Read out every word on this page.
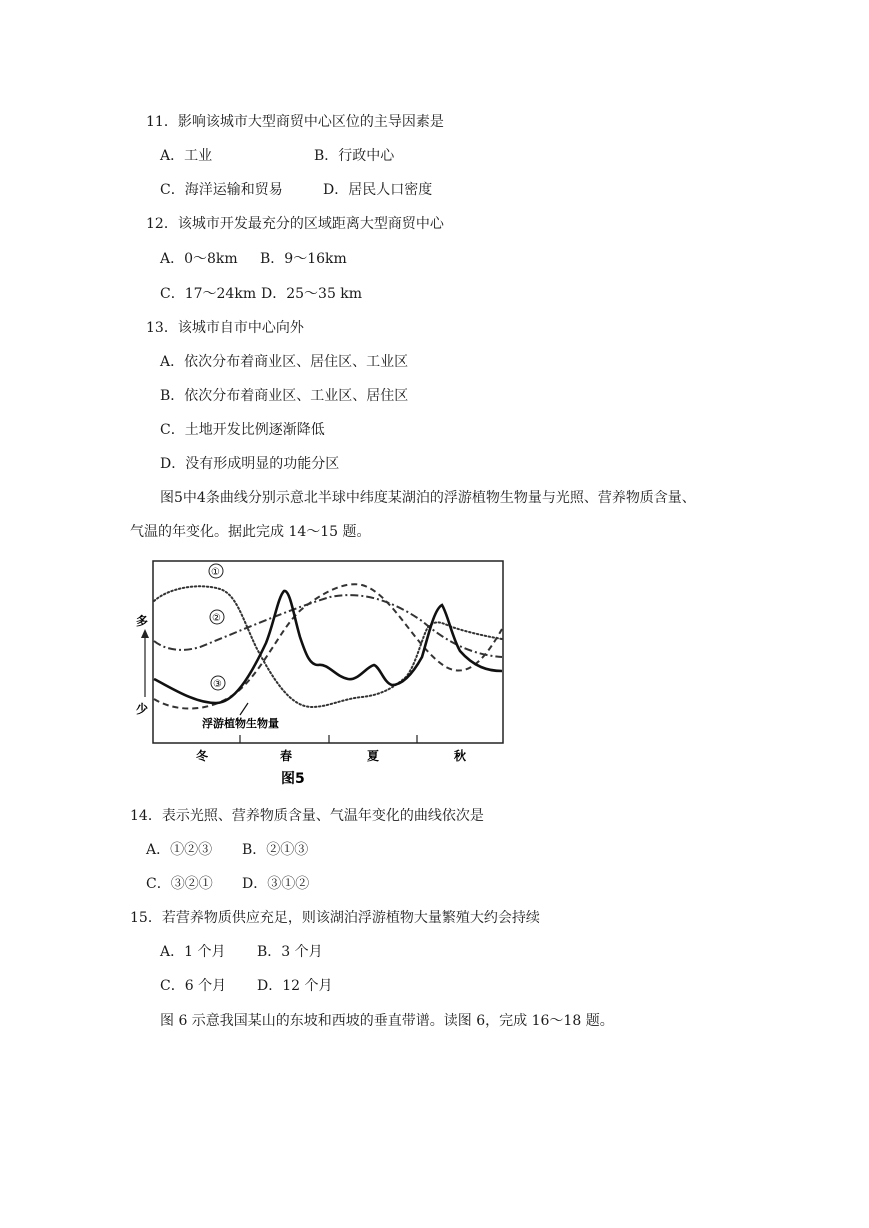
11．影响该城市大型商贸中心区位的主导因素是
A．工业	B．行政中心
C．海洋运输和贸易	D．居民人口密度
12．该城市开发最充分的区域距离大型商贸中心
A．0～8km B．9～16km
C．17～24km D．25～35 km
13．该城市自市中心向外
A．依次分布着商业区、居住区、工业区
B．依次分布着商业区、工业区、居住区
C．土地开发比例逐渐降低
D．没有形成明显的功能分区
图5中4条曲线分别示意北半球中纬度某湖泊的浮游植物生物量与光照、营养物质含量、
气温的年变化。据此完成 14～15 题。
多
少
冬	春	夏	秋
①
②
③
浮游植物生物量
图5
14．表示光照、营养物质含量、气温年变化的曲线依次是
A．①②③ B．②①③
C．③②① D．③①②
15．若营养物质供应充足，则该湖泊浮游植物大量繁殖大约会持续
A．1 个月 B．3 个月
C．6 个月 D．12 个月
图 6 示意我国某山的东坡和西坡的垂直带谱。读图 6，完成 16～18 题。
